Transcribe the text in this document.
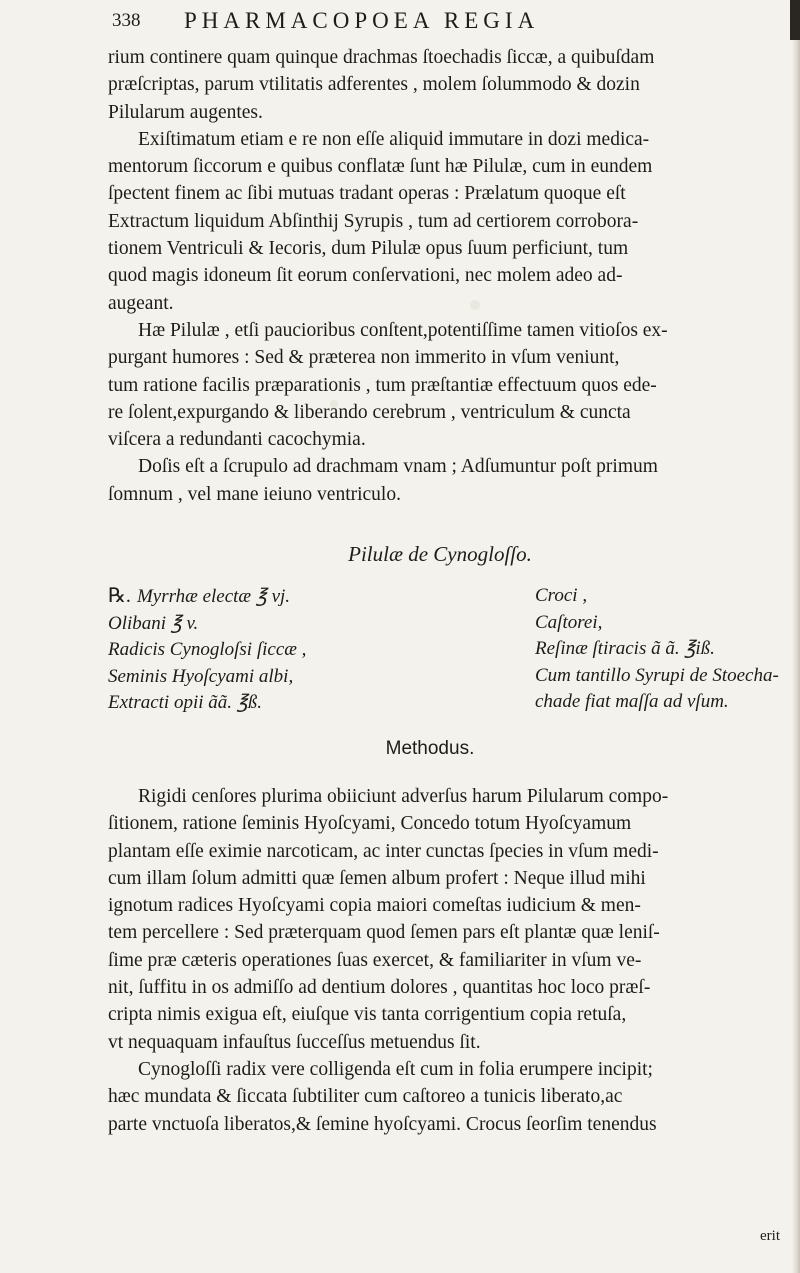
338 PHARMACOPOEA REGIA
rium continere quam quinque drachmas ſtoechadis ſiccæ, a quibuſdam
præſcriptas, parum vtilitatis adferentes , molem ſolummodo & dozin
Pilularum augentes.
Exiſtimatum etiam e re non eſſe aliquid immutare in dozi medica-
mentorum ſiccorum e quibus conflatæ ſunt hæ Pilulæ, cum in eundem
ſpectent finem ac ſibi mutuas tradant operas : Prælatum quoque eſt
Extractum liquidum Abſinthij Syrupis , tum ad certiorem corrobora-
tionem Ventriculi & Iecoris, dum Pilulæ opus ſuum perficiunt, tum
quod magis idoneum ſit eorum conſervationi, nec molem adeo ad-
augeant.
Hæ Pilulæ , etſi paucioribus conſtent,potentiſſime tamen vitioſos ex-
purgant humores : Sed & præterea non immerito in vſum veniunt,
tum ratione facilis præparationis , tum præſtantiæ effectuum quos ede-
re ſolent,expurgando & liberando cerebrum , ventriculum & cuncta
viſcera a redundanti cacochymia.
Doſis eſt a ſcrupulo ad drachmam vnam ; Adſumuntur poſt primum
ſomnum , vel mane ieiuno ventriculo.
Pilulæ de Cynogloſſo.
℞. Myrrhæ electæ ℥ vj.
Olibani ℥ v.
Radicis Cynogloſsi ſiccæ ,
Seminis Hyoſcyami albi,
Extracti opii ãã. ℥ß.
Croci ,
Caſtorei,
Reſinæ ſtiracis ã ã. ℥iß.
Cum tantillo Syrupi de Stoecha-
chade fiat maſſa ad vſum.
Methodus.
Rigidi cenſores plurima obiiciunt adverſus harum Pilularum compo-
ſitionem, ratione ſeminis Hyoſcyami, Concedo totum Hyoſcyamum
plantam eſſe eximie narcoticam, ac inter cunctas ſpecies in vſum medi-
cum illam ſolum admitti quæ ſemen album profert : Neque illud mihi
ignotum radices Hyoſcyami copia maiori comeſtas iudicium & men-
tem percellere : Sed præterquam quod ſemen pars eſt plantæ quæ leniſ-
ſime præ cæteris operationes ſuas exercet, & familiariter in vſum ve-
nit, ſuffitu in os admiſſo ad dentium dolores , quantitas hoc loco præſ-
cripta nimis exigua eſt, eiuſque vis tanta corrigentium copia retuſa,
vt nequaquam infauſtus ſucceſſus metuendus ſit.
Cynogloſſi radix vere colligenda eſt cum in folia erumpere incipit;
hæc mundata & ſiccata ſubtiliter cum caſtoreo a tunicis liberato,ac
parte vnctuoſa liberatos,& ſemine hyoſcyami. Crocus ſeorſim tenendus
erit
